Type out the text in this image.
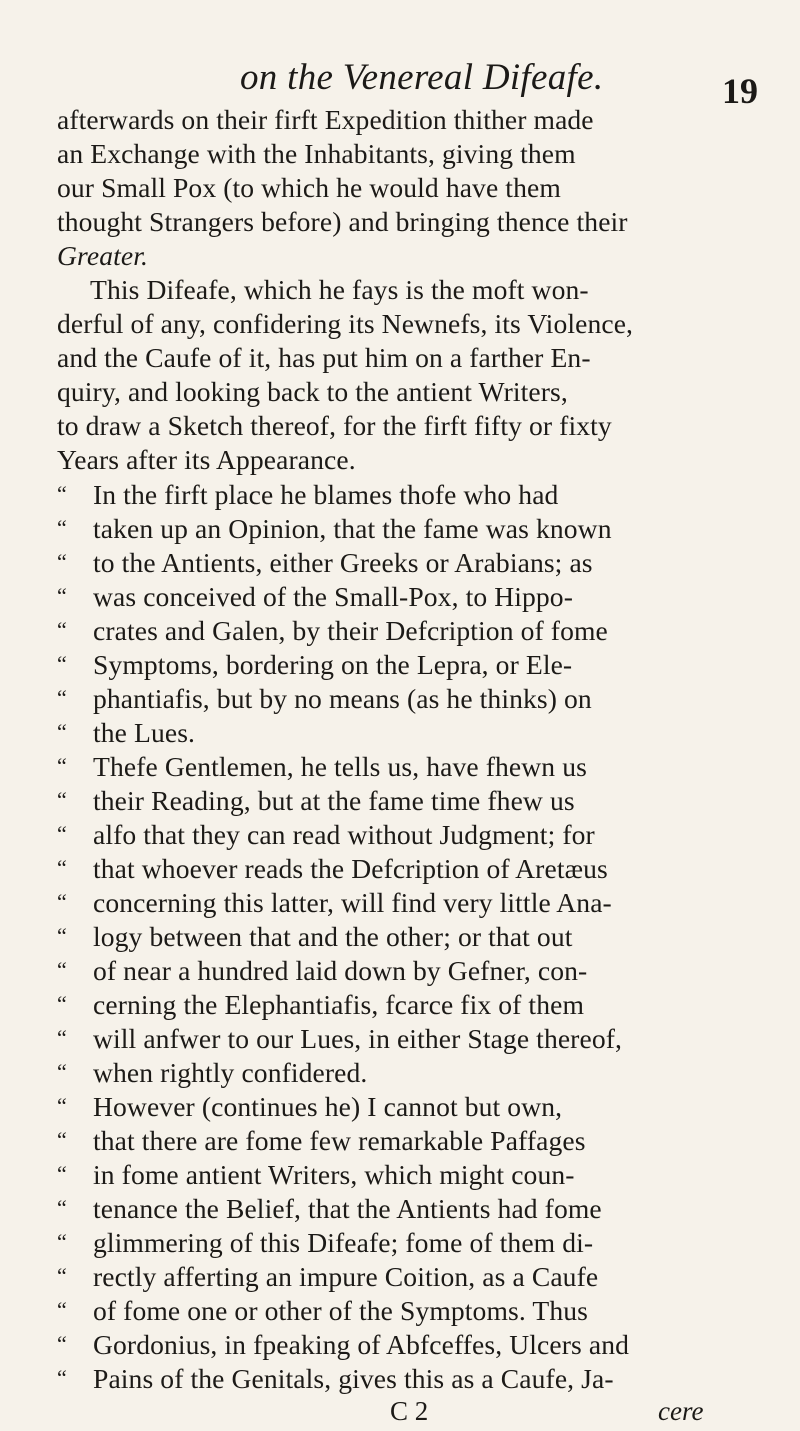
on the Venereal Difeafe.	19
afterwards on their firft Expedition thither made
an Exchange with the Inhabitants, giving them
our Small Pox (to which he would have them
thought Strangers before) and bringing thence their
Greater.
This Difeafe, which he fays is the moft won-
derful of any, confidering its Newnefs, its Violence,
and the Caufe of it, has put him on a farther En-
quiry, and looking back to the antient Writers,
to draw a Sketch thereof, for the firft fifty or fixty
Years after its Appearance.
“ In the firft place he blames thofe who had
“ taken up an Opinion, that the fame was known
“ to the Antients, either Greeks or Arabians; as
“ was conceived of the Small-Pox, to Hippo-
“ crates and Galen, by their Defcription of fome
“ Symptoms, bordering on the Lepra, or Ele-
“ phantiafis, but by no means (as he thinks) on
“ the Lues.
“ Thefe Gentlemen, he tells us, have fhewn us
“ their Reading, but at the fame time fhew us
“ alfo that they can read without Judgment; for
“ that whoever reads the Defcription of Aretæus
“ concerning this latter, will find very little Ana-
“ logy between that and the other; or that out
“ of near a hundred laid down by Gefner, con-
“ cerning the Elephantiafis, fcarce fix of them
“ will anfwer to our Lues, in either Stage thereof,
“ when rightly confidered.
“ However (continues he) I cannot but own,
“ that there are fome few remarkable Paffages
“ in fome antient Writers, which might coun-
“ tenance the Belief, that the Antients had fome
“ glimmering of this Difeafe; fome of them di-
“ rectly afferting an impure Coition, as a Caufe
“ of fome one or other of the Symptoms. Thus
“ Gordonius, in fpeaking of Abfceffes, Ulcers and
“ Pains of the Genitals, gives this as a Caufe, Ja-
C 2	cere
